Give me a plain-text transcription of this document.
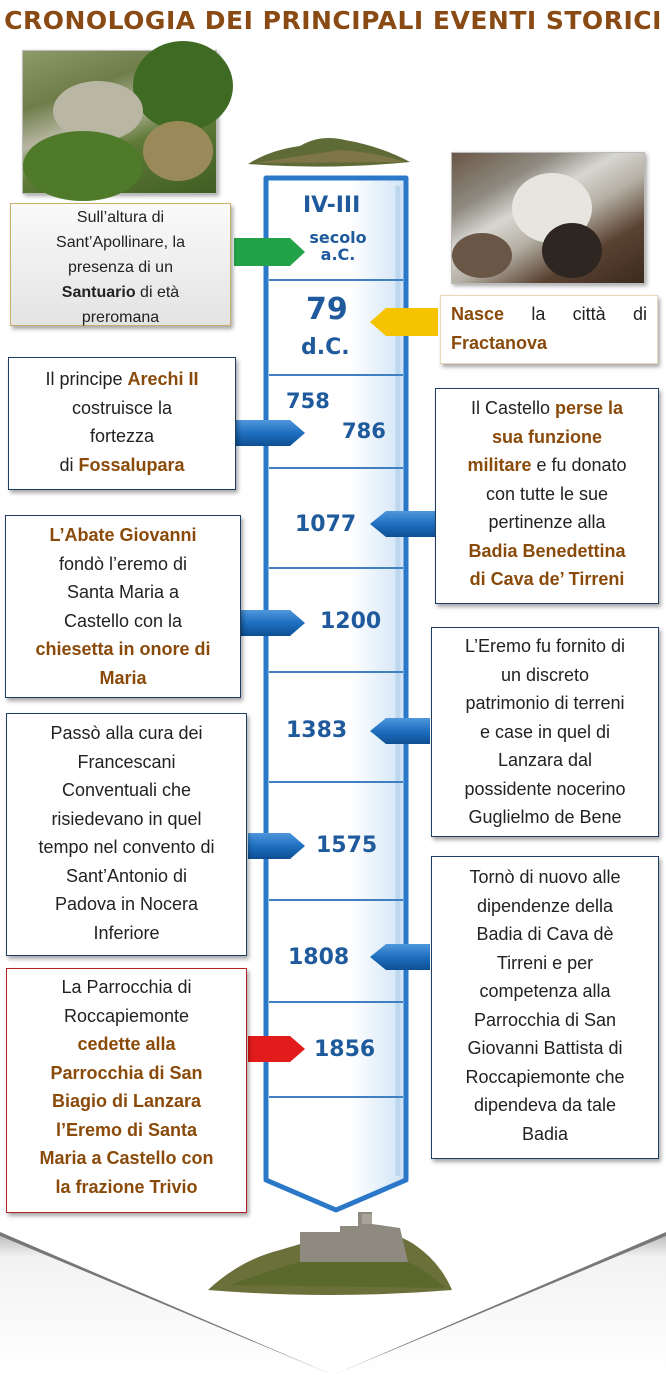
CRONOLOGIA DEI PRINCIPALI EVENTI STORICI
IV-III
secolo
a.C.
79
d.C.
758
786
1077
1200
1383
1575
1808
1856
Sull’altura di
Sant’Apollinare, la
presenza di un
Santuario di età
preromana	Nasce la città di
Fractanova
Il principe Arechi II
costruisce la
fortezza
di Fossalupara
Il Castello perse la
sua funzione
militare e fu donato
con tutte le sue
pertinenze alla
Badia Benedettina
di Cava de’ Tirreni
L’Abate Giovanni
fondò l’eremo di
Santa Maria a
Castello con la
chiesetta in onore di
Maria
L’Eremo fu fornito di
un discreto
patrimonio di terreni
e case in quel di
Lanzara dal
possidente nocerino
Guglielmo de Bene
Passò alla cura dei
Francescani
Conventuali che
risiedevano in quel
tempo nel convento di
Sant’Antonio di
Padova in Nocera
Inferiore
Tornò di nuovo alle
dipendenze della
Badia di Cava dè
Tirreni e per
competenza alla
Parrocchia di San
Giovanni Battista di
Roccapiemonte che
dipendeva da tale
Badia
La Parrocchia di
Roccapiemonte
cedette alla
Parrocchia di San
Biagio di Lanzara
l’Eremo di Santa
Maria a Castello con
la frazione Trivio
